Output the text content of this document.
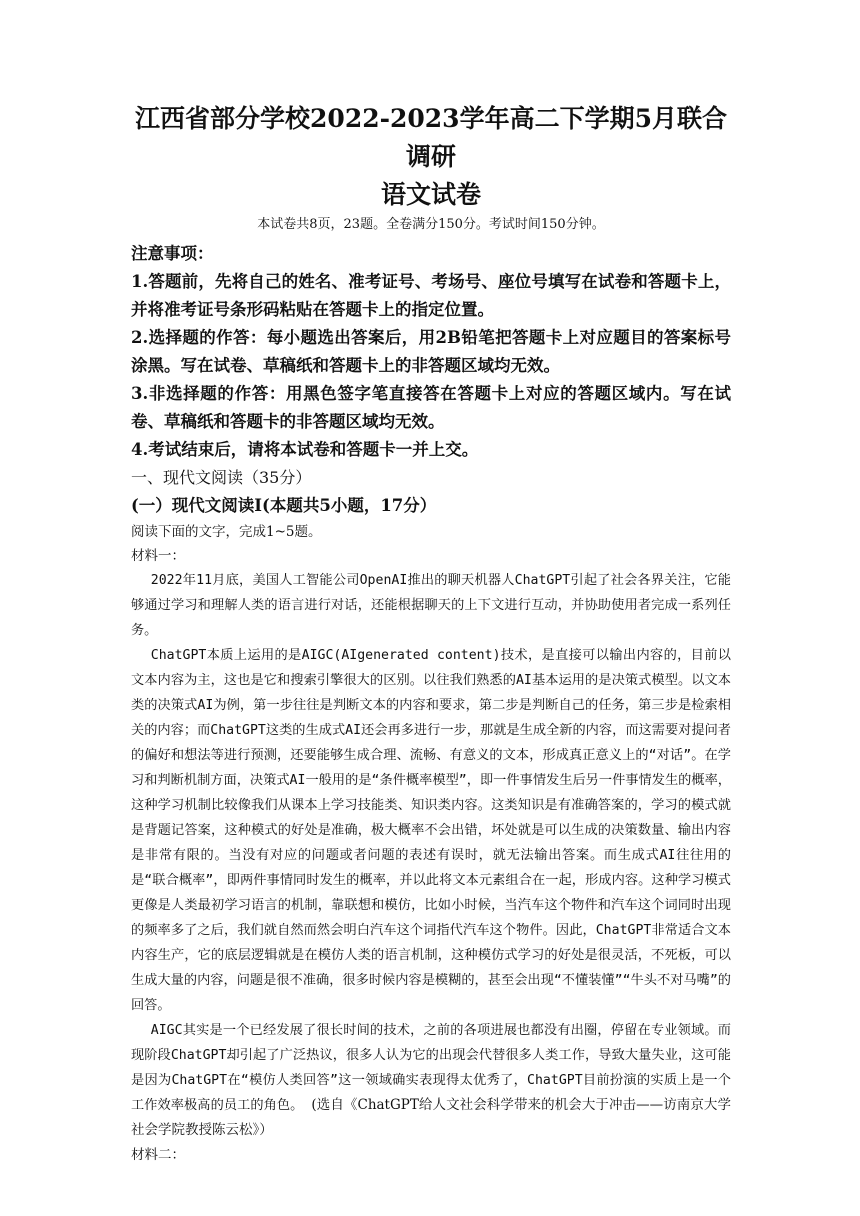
江西省部分学校2022-2023学年高二下学期5月联合调研
语文试卷

本试卷共8页，23题。全卷满分150分。考试时间150分钟。

注意事项：

1.答题前，先将自己的姓名、准考证号、考场号、座位号填写在试卷和答题卡上，并将准考证号条形码粘贴在答题卡上的指定位置。

2.选择题的作答：每小题选出答案后，用2B铅笔把答题卡上对应题目的答案标号涂黑。写在试卷、草稿纸和答题卡上的非答题区域均无效。

3.非选择题的作答：用黑色签字笔直接答在答题卡上对应的答题区域内。写在试卷、草稿纸和答题卡的非答题区域均无效。

4.考试结束后，请将本试卷和答题卡一并上交。

一、现代文阅读（35分）

(一）现代文阅读Ⅰ(本题共5小题，17分）

阅读下面的文字，完成1~5题。

材料一：

2022年11月底，美国人工智能公司OpenAI推出的聊天机器人ChatGPT引起了社会各界关注，它能够通过学习和理解人类的语言进行对话，还能根据聊天的上下文进行互动，并协助使用者完成一系列任务。

ChatGPT本质上运用的是AIGC(AIgenerated content)技术，是直接可以输出内容的，目前以文本内容为主，这也是它和搜索引擎很大的区别。以往我们熟悉的AI基本运用的是决策式模型。以文本类的决策式AI为例，第一步往往是判断文本的内容和要求，第二步是判断自己的任务，第三步是检索相关的内容；而ChatGPT这类的生成式AI还会再多进行一步，那就是生成全新的内容，而这需要对提问者的偏好和想法等进行预测，还要能够生成合理、流畅、有意义的文本，形成真正意义上的“对话”。在学习和判断机制方面，决策式AI一般用的是“条件概率模型”，即一件事情发生后另一件事情发生的概率，这种学习机制比较像我们从课本上学习技能类、知识类内容。这类知识是有准确答案的，学习的模式就是背题记答案，这种模式的好处是准确，极大概率不会出错，坏处就是可以生成的决策数量、输出内容是非常有限的。当没有对应的问题或者问题的表述有误时，就无法输出答案。而生成式AI往往用的是“联合概率”，即两件事情同时发生的概率，并以此将文本元素组合在一起，形成内容。这种学习模式更像是人类最初学习语言的机制，靠联想和模仿，比如小时候，当汽车这个物件和汽车这个词同时出现的频率多了之后，我们就自然而然会明白汽车这个词指代汽车这个物件。因此，ChatGPT非常适合文本内容生产，它的底层逻辑就是在模仿人类的语言机制，这种模仿式学习的好处是很灵活，不死板，可以生成大量的内容，问题是很不准确，很多时候内容是模糊的，甚至会出现“不懂装懂”“牛头不对马嘴”的回答。

AIGC其实是一个已经发展了很长时间的技术，之前的各项进展也都没有出圈，停留在专业领域。而现阶段ChatGPT却引起了广泛热议，很多人认为它的出现会代替很多人类工作，导致大量失业，这可能是因为ChatGPT在“模仿人类回答”这一领域确实表现得太优秀了，ChatGPT目前扮演的实质上是一个工作效率极高的员工的角色。 (选自《ChatGPT给人文社会科学带来的机会大于冲击——访南京大学社会学院教授陈云松》）

材料二：
